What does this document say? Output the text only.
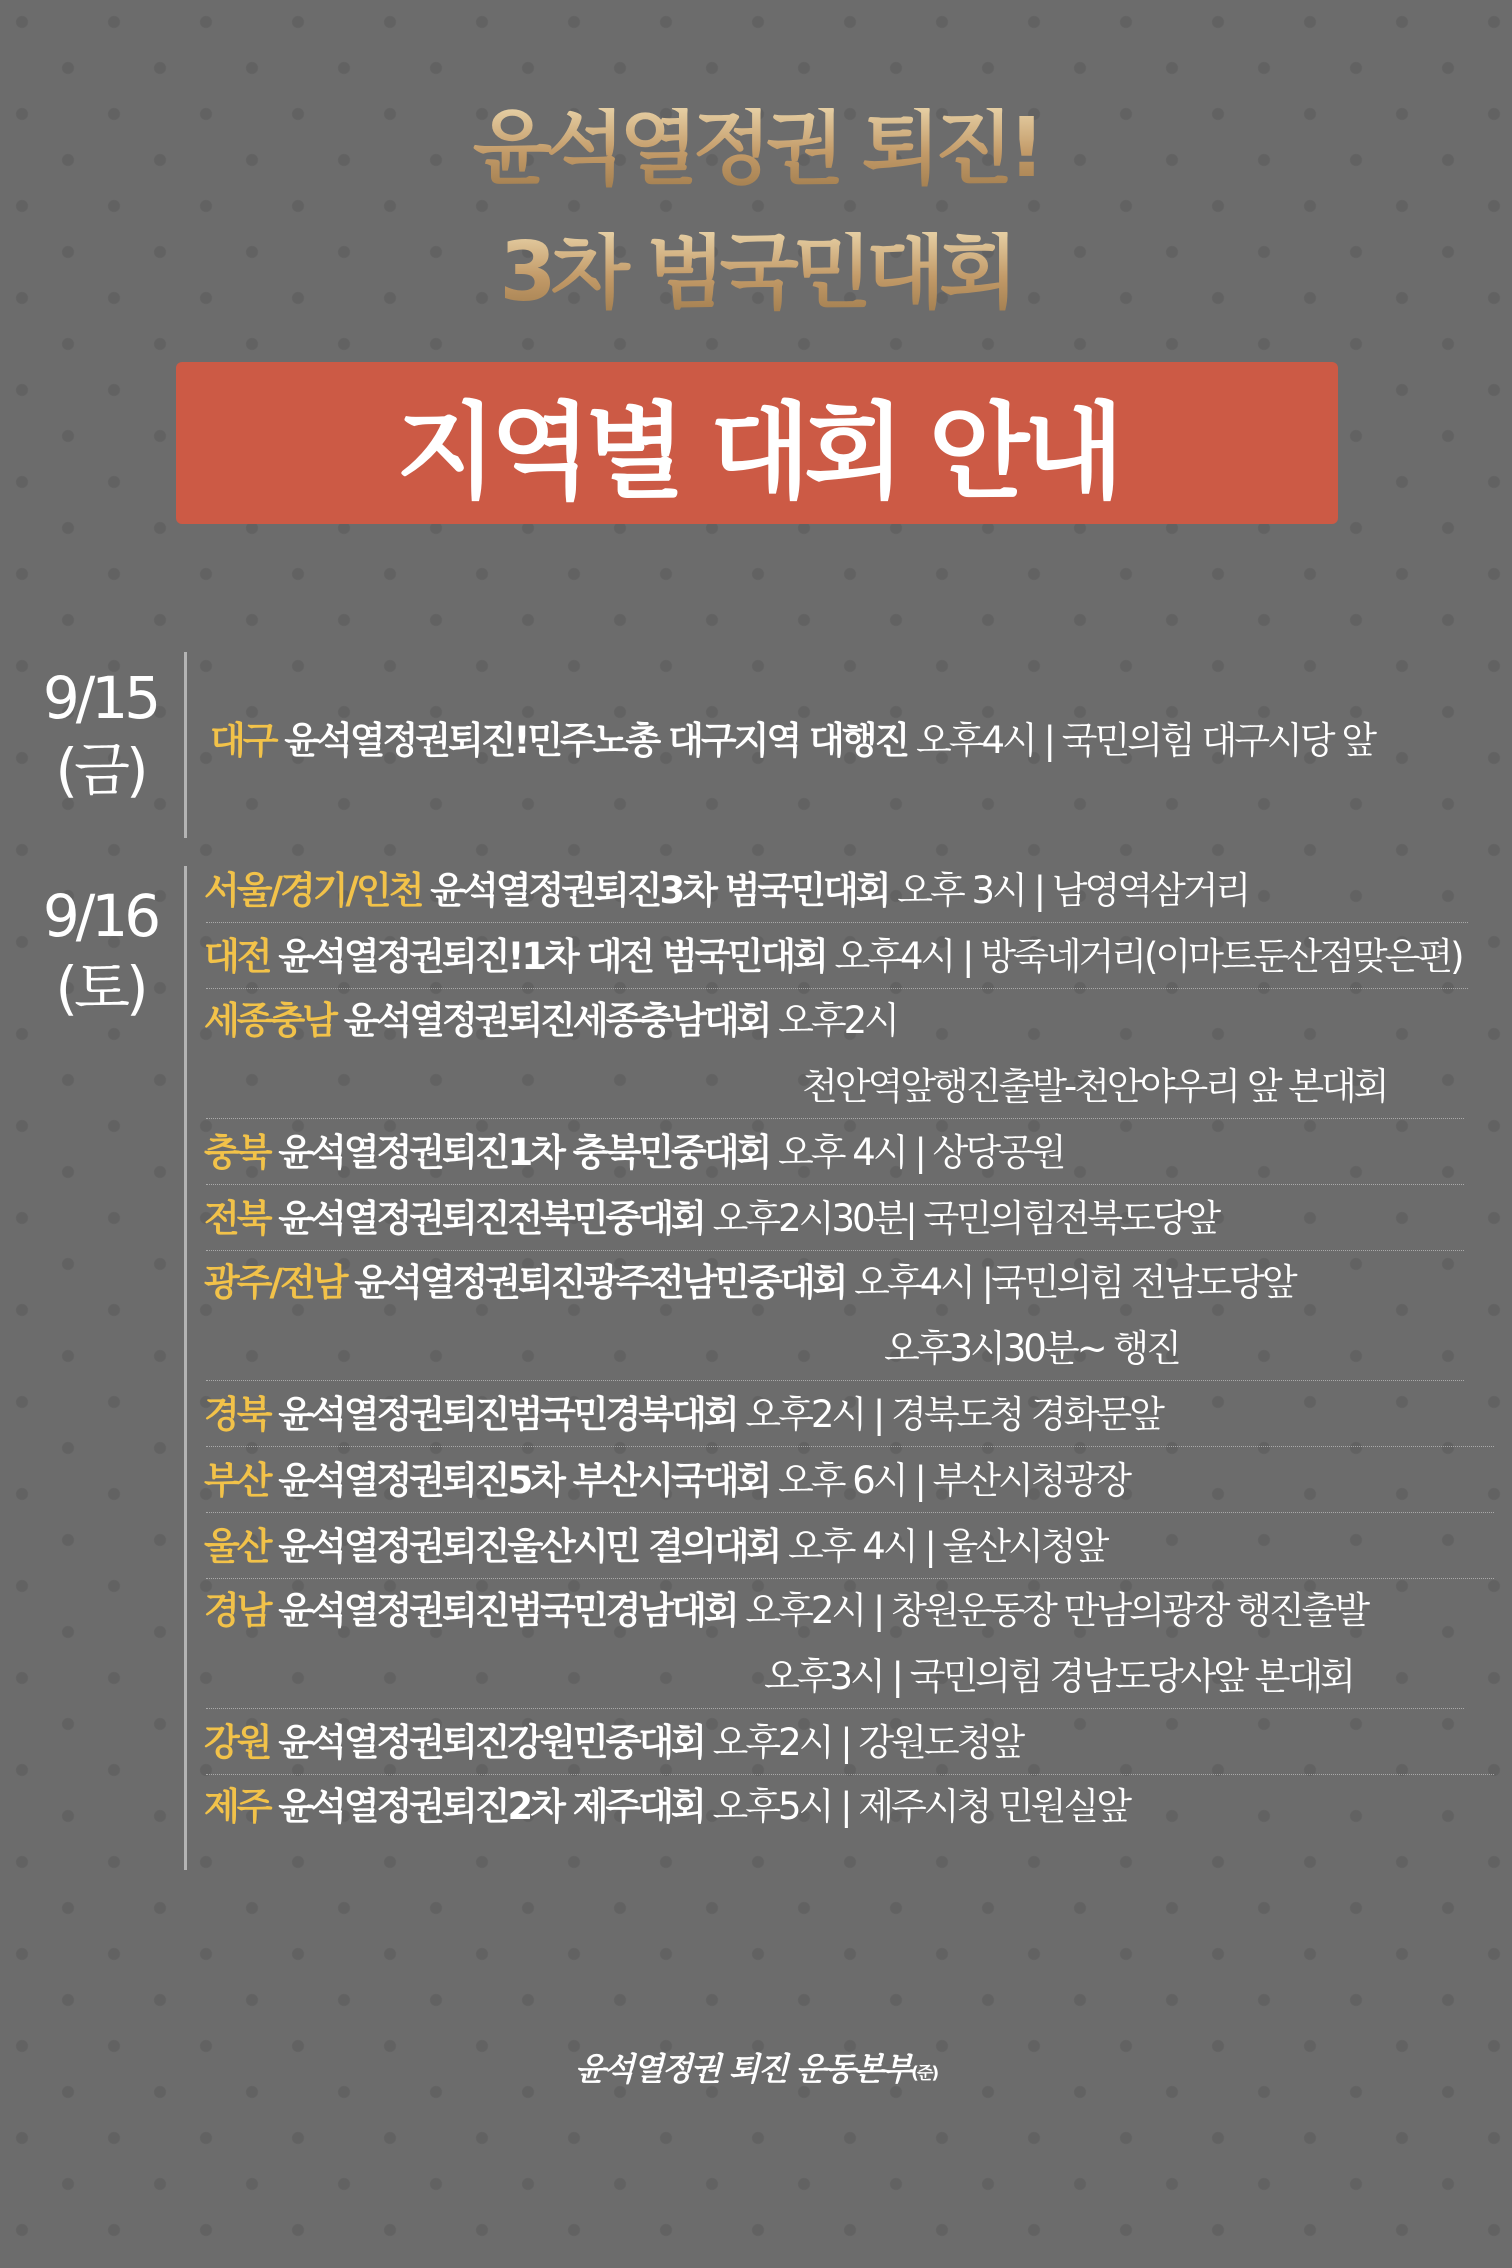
윤석열정권 퇴진!
3차 범국민대회
지역별 대회 안내
9/15
(금)	대구 윤석열정권퇴진!민주노총 대구지역 대행진 오후4시 | 국민의힘 대구시당 앞
9/16
(토)
서울/경기/인천 윤석열정권퇴진3차 범국민대회 오후 3시 | 남영역삼거리
대전 윤석열정권퇴진!1차 대전 범국민대회 오후4시 | 방죽네거리(이마트둔산점맞은편)
세종충남 윤석열정권퇴진세종충남대회 오후2시
천안역앞행진출발-천안야우리 앞 본대회
충북 윤석열정권퇴진1차 충북민중대회 오후 4시 | 상당공원
전북 윤석열정권퇴진전북민중대회 오후2시30분| 국민의힘전북도당앞
광주/전남 윤석열정권퇴진광주전남민중대회 오후4시 |국민의힘 전남도당앞
오후3시30분~ 행진
경북 윤석열정권퇴진범국민경북대회 오후2시 | 경북도청 경화문앞
부산 윤석열정권퇴진5차 부산시국대회 오후 6시 | 부산시청광장
울산 윤석열정권퇴진울산시민 결의대회 오후 4시 | 울산시청앞
경남 윤석열정권퇴진범국민경남대회 오후2시 | 창원운동장 만남의광장 행진출발
오후3시 | 국민의힘 경남도당사앞 본대회
강원 윤석열정권퇴진강원민중대회 오후2시 | 강원도청앞
제주 윤석열정권퇴진2차 제주대회 오후5시 | 제주시청 민원실앞
윤석열정권 퇴진 운동본부(준)
